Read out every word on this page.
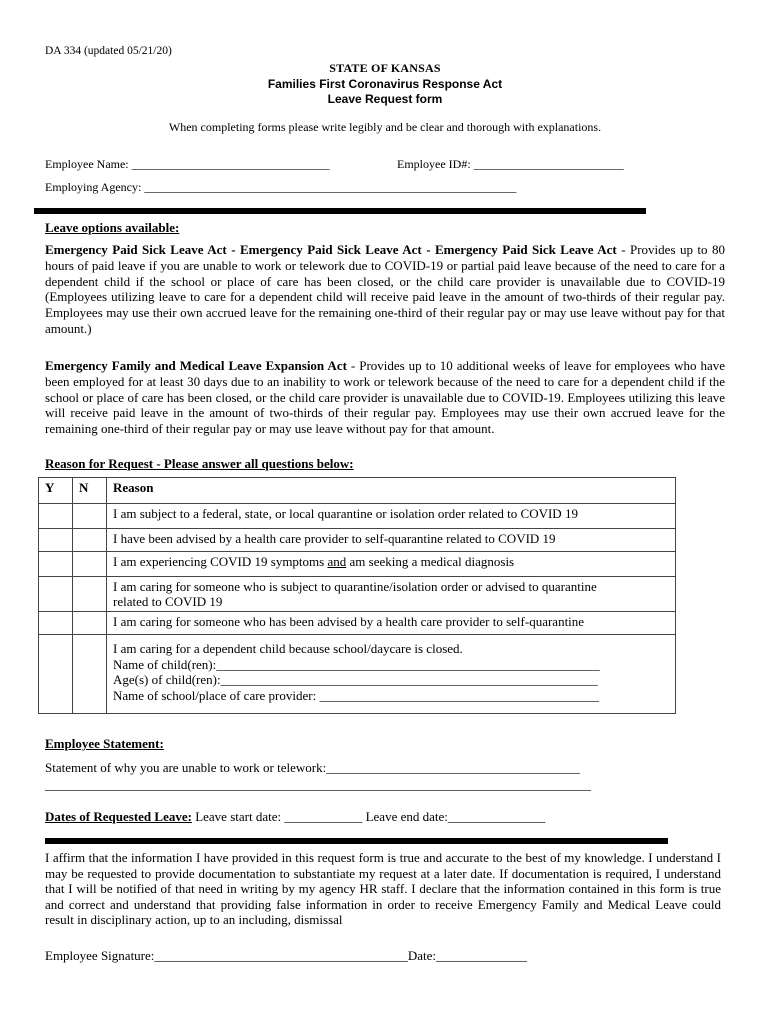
DA 334 (updated 05/21/20)
STATE OF KANSAS
Families First Coronavirus Response Act
Leave Request form
When completing forms please write legibly and be clear and thorough with explanations.
Employee Name: _________________________________	Employee ID#: _________________________
Employing Agency: ______________________________________________________________
Leave options available:
Emergency Paid Sick Leave Act - Emergency Paid Sick Leave Act - Emergency Paid Sick Leave Act - Provides up to 80 hours of paid leave if you are unable to work or telework due to COVID-19 or partial paid leave because of the need to care for a dependent child if the school or place of care has been closed, or the child care provider is unavailable due to COVID-19 (Employees utilizing leave to care for a dependent child will receive paid leave in the amount of two-thirds of their regular pay. Employees may use their own accrued leave for the remaining one-third of their regular pay or may use leave without pay for that amount.)
Emergency Family and Medical Leave Expansion Act - Provides up to 10 additional weeks of leave for employees who have been employed for at least 30 days due to an inability to work or telework because of the need to care for a dependent child if the school or place of care has been closed, or the child care provider is unavailable due to COVID-19. Employees utilizing this leave will receive paid leave in the amount of two-thirds of their regular pay. Employees may use their own accrued leave for the remaining one-third of their regular pay or may use leave without pay for that amount.
Reason for Request - Please answer all questions below:
Y	N	Reason
		I am subject to a federal, state, or local quarantine or isolation order related to COVID 19
		I have been advised by a health care provider to self-quarantine related to COVID 19
		I am experiencing COVID 19 symptoms and am seeking a medical diagnosis

		I am caring for someone who is subject to quarantine/isolation order or advised to quarantine
related to COVID 19

		I am caring for someone who has been advised by a health care provider to self-quarantine

		I am caring for a dependent child because school/daycare is closed.
Name of child(ren):___________________________________________________________
Age(s) of child(ren):__________________________________________________________
Name of school/place of care provider: ___________________________________________
Employee Statement:
Statement of why you are unable to work or telework:_______________________________________
____________________________________________________________________________________
Dates of Requested Leave: Leave start date: ____________ Leave end date:_______________
I affirm that the information I have provided in this request form is true and accurate to the best of my knowledge. I understand I may be requested to provide documentation to substantiate my request at a later date. If documentation is required, I understand that I will be notified of that need in writing by my agency HR staff. I declare that the information contained in this form is true and correct and understand that providing false information in order to receive Emergency Family and Medical Leave could result in disciplinary action, up to an including, dismissal
Employee Signature:_______________________________________Date:______________
